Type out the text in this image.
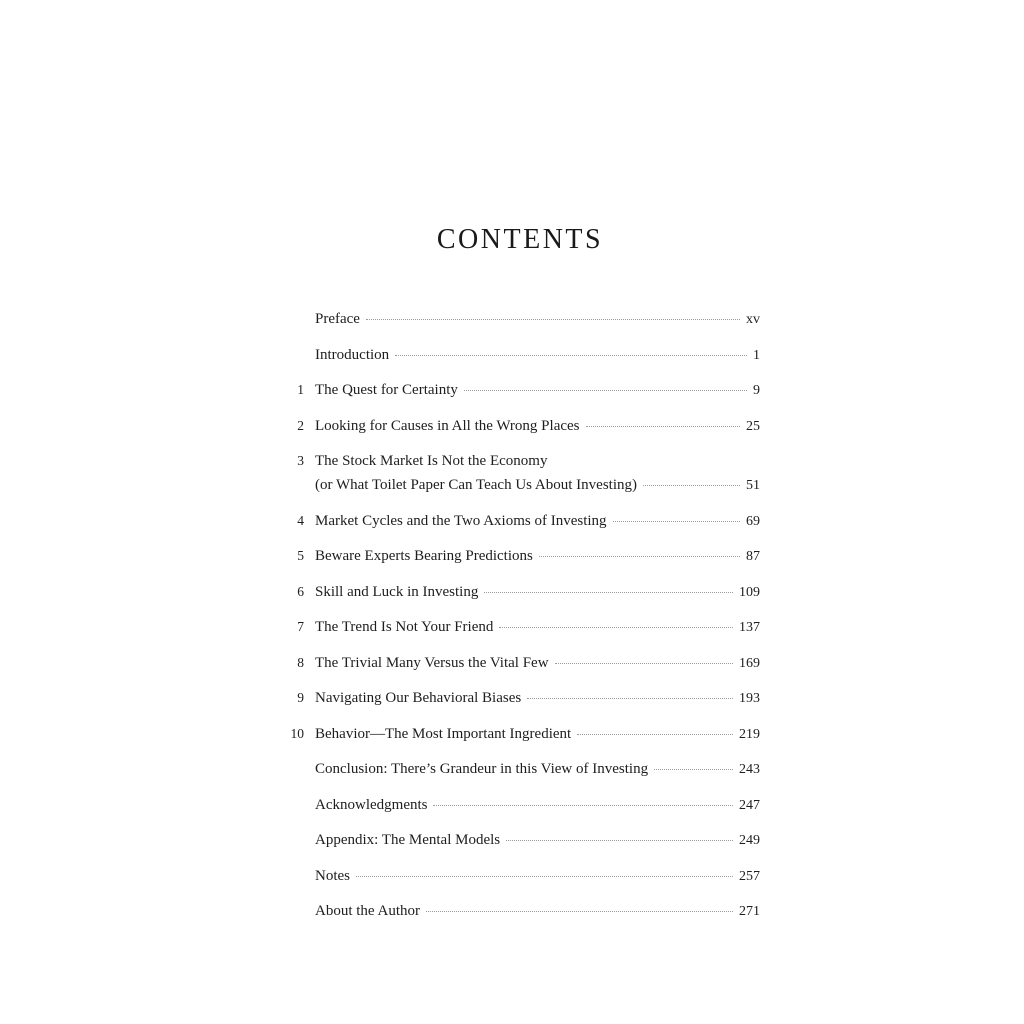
CONTENTS
Preface	xv
Introduction	1
1 The Quest for Certainty	9
2 Looking for Causes in All the Wrong Places	25
3 The Stock Market Is Not the Economy
(or What Toilet Paper Can Teach Us About Investing)	51
4 Market Cycles and the Two Axioms of Investing	69
5 Beware Experts Bearing Predictions	87
6 Skill and Luck in Investing	109
7 The Trend Is Not Your Friend	137
8 The Trivial Many Versus the Vital Few	169
9 Navigating Our Behavioral Biases	193
10 Behavior—The Most Important Ingredient	219
Conclusion: There’s Grandeur in this View of Investing	243
Acknowledgments	247
Appendix: The Mental Models	249
Notes	257
About the Author	271
